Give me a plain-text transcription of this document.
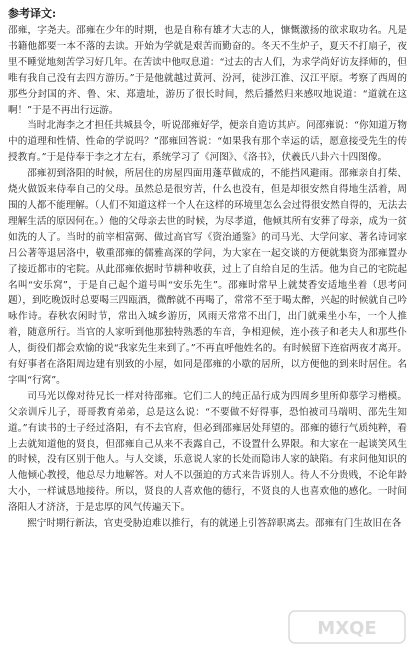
参考译文:

邵雍，字尧夫。邵雍在少年的时期，也是自称有雄才大志的人，慷慨激扬的欲求取功名。凡是书籍他都要一本不落的去读。开始为学就是艰苦而勤奋的。冬天不生炉子，夏天不打扇子，夜里不睡觉地刻苦学习好几年。在苦读中他叹息道：“过去的古人们，为求学尚好访友择师的，但唯有我自己没有去四方游历。”于是他就越过黄河、汾河，徒涉江淮、汉江平原。考察了西周的那些分封国的齐、鲁、宋、郑遗址，游历了很长时间，然后播然归来感叹地说道：“道就在这啊！”于是不再出行远游。

当时北海李之才担任共城县令，听说邵雍好学，便亲自造访其庐。问邵雍说：“你知道万物中的道理和性情、性命的学说吗？”邵雍回答说：“如果我有那个幸运的话，愿意接受先生的传授教育。”于是侍奉于李之才左右，系统学习了《河图》、《洛书》，伏羲氏八卦六十四图像。

邵雍初到洛阳的时候，所居住的房屋四面用蓬草做成的，不能挡风避雨。邵雍亲自打柴、烧火做饭来侍奉自己的父母。虽然总是很穷苦，什么也没有，但是却很安然自得地生活着，周围的人都不能理解。（人们不知道这样一个人在这样的环境里怎么会过得很安然自得的，无法去理解生活的原因何在。）他的父母亲去世的时候，为尽孝道，他倾其所有安葬了母亲，成为一贫如洗的人了。当时的前宰相富弼、做过高官写《资治通鉴》的司马光、大学问家、著名诗词家吕公著等退居洛中，敬重邵雍的儒雅高深的学问，为大家在一起交谈的方便就集资为邵雍置办了接近都市的宅院。从此邵雍依据时节耕种收获，过上了自给自足的生活。他为自己的宅院起名叫“安乐窝”，于是自己起个道号叫“安乐先生”。邵雍时常早上就焚香安适地坐着（思考问题），到吃晚饭时总要喝三四瓯酒，微醉就不再喝了，常常不至于喝太醉，兴起的时候就自己吟咏作诗。春秋农闲时节，常出入城乡游历，风雨天常常不出门，出门就乘坐小车，一个人推着，随意所行。当官的人家听到他那独特熟悉的车音，争相迎候，连小孩子和老夫人和那些仆人，街役们都会欢愉的说“我家先生来到了。”不再直呼他姓名的。有时候留下连宿两夜才离开。有好事者在洛阳周边建有别致的小屋，如同是邵雍的小歇的居所，以方便他的到来时居住。名字叫“行窝”。

司马光以像对待兄长一样对待邵雍。它们二人的纯正品行成为四周乡里所仰慕学习楷模。父亲训斥儿子，哥哥教育弟弟，总是这么说：“不要做不好得事，恐怕被司马端明、邵先生知道。”有读书的士子经过洛阳，有不去官府，但必到邵雍居处拜望的。邵雍的德行气质纯粹，看上去就知道他的贤良，但邵雍自己从来不表露自己，不设置什么界限。和大家在一起谈笑风生的时候，没有区别于他人。与人交谈，乐意说人家的长处而隐讳人家的缺陷。有求问他知识的人他倾心教授，他总尽力地解答。对人不以强迫的方式来告诉别人。待人不分贵贱，不论年龄大小，一样诚恳地接待。所以，贤良的人喜欢他的德行，不贤良的人也喜欢他的感化。一时间洛阳人才济济，于是忠厚的风气传遍天下。

熙宁时期行新法，官吏受胁迫难以推行，有的就递上引答辞职离去。邵雍有门生故旧在各

MXQE
